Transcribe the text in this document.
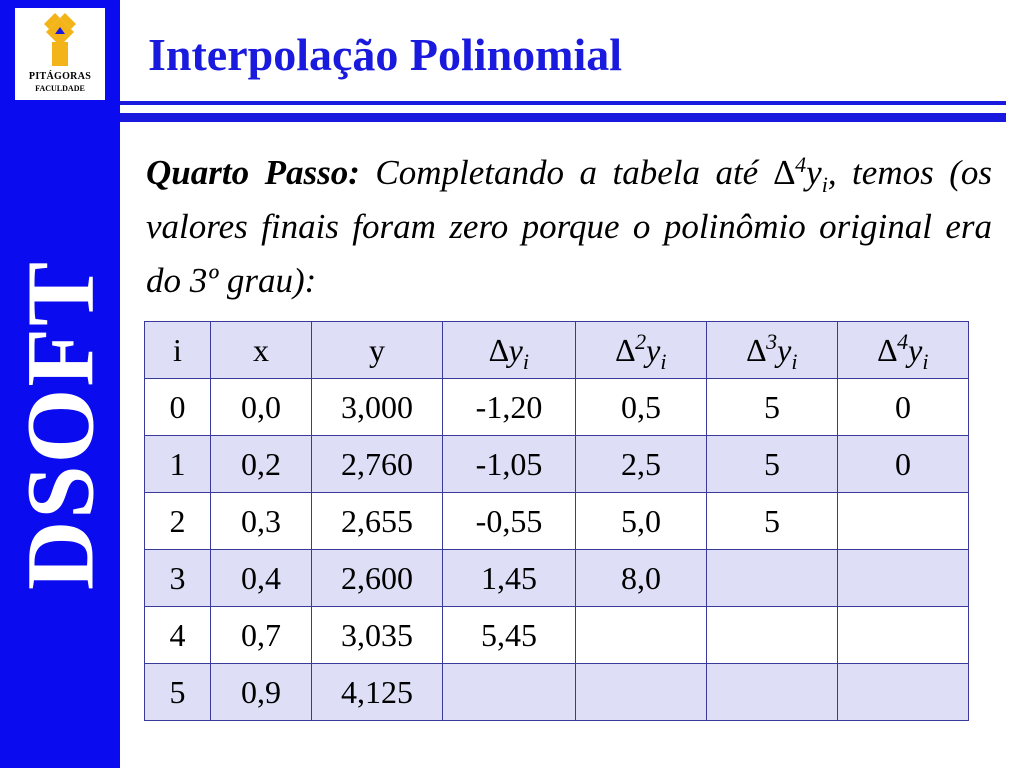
PITÁGORAS
FACULDADE
DSOFT
Interpolação Polinomial
Quarto Passo: Completando a tabela até $\Delta^4y_i$, temos (os valores finais foram zero porque o polinômio original era do 3º grau):
i	x	y	$\Delta y_i$	$\Delta^2y_i$	$\Delta^3y_i$	$\Delta^4y_i$
0	0,0	3,000	-1,20	0,5	5	0
1	0,2	2,760	-1,05	2,5	5	0
2	0,3	2,655	-0,55	5,0	5	
3	0,4	2,600	1,45	8,0		
4	0,7	3,035	5,45			
5	0,9	4,125				
